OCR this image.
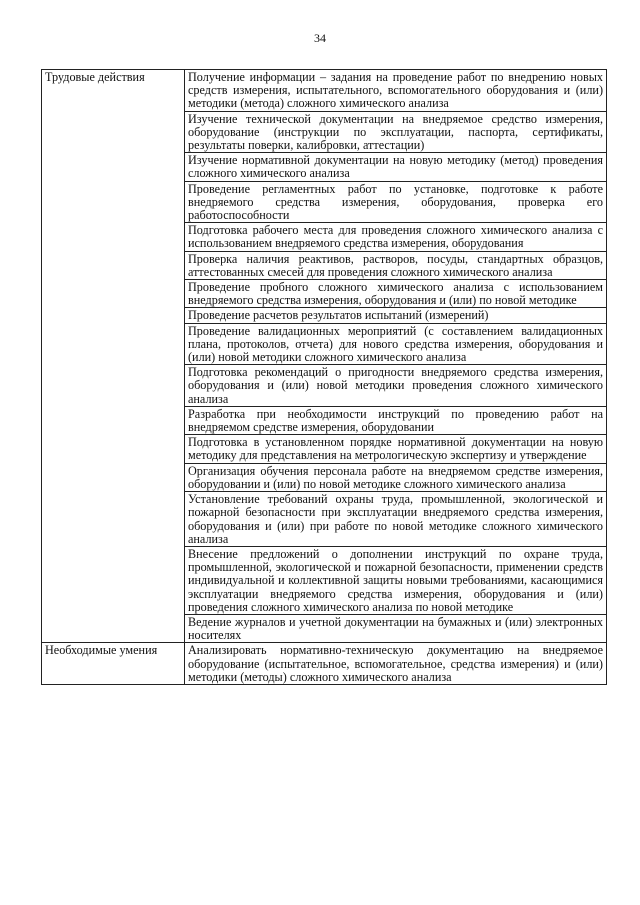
34
Трудовые действия	Получение информации – задания на проведение работ по внедрению новых средств измерения, испытательного, вспомогательного оборудования и (или) методики (метода) сложного химического анализа
	Изучение технической документации на внедряемое средство измерения, оборудование (инструкции по эксплуатации, паспорта, сертификаты, результаты поверки, калибровки, аттестации)
	Изучение нормативной документации на новую методику (метод) проведения сложного химического анализа
	Проведение регламентных работ по установке, подготовке к работе внедряемого средства измерения, оборудования, проверка его работоспособности
	Подготовка рабочего места для проведения сложного химического анализа с использованием внедряемого средства измерения, оборудования
	Проверка наличия реактивов, растворов, посуды, стандартных образцов, аттестованных смесей для проведения сложного химического анализа
	Проведение пробного сложного химического анализа с использованием внедряемого средства измерения, оборудования и (или) по новой методике
	Проведение расчетов результатов испытаний (измерений)
	Проведение валидационных мероприятий (с составлением валидационных плана, протоколов, отчета) для нового средства измерения, оборудования и (или) новой методики сложного химического анализа
	Подготовка рекомендаций о пригодности внедряемого средства измерения, оборудования и (или) новой методики проведения сложного химического анализа
	Разработка при необходимости инструкций по проведению работ на внедряемом средстве измерения, оборудовании
	Подготовка в установленном порядке нормативной документации на новую методику для представления на метрологическую экспертизу и утверждение
	Организация обучения персонала работе на внедряемом средстве измерения, оборудовании и (или) по новой методике сложного химического анализа
	Установление требований охраны труда, промышленной, экологической и пожарной безопасности при эксплуатации внедряемого средства измерения, оборудования и (или) при работе по новой методике сложного химического анализа
	Внесение предложений о дополнении инструкций по охране труда, промышленной, экологической и пожарной безопасности, применении средств индивидуальной и коллективной защиты новыми требованиями, касающимися эксплуатации внедряемого средства измерения, оборудования и (или) проведения сложного химического анализа по новой методике
	Ведение журналов и учетной документации на бумажных и (или) электронных носителях
Необходимые умения	Анализировать нормативно-техническую документацию на внедряемое оборудование (испытательное, вспомогательное, средства измерения) и (или) методики (методы) сложного химического анализа
